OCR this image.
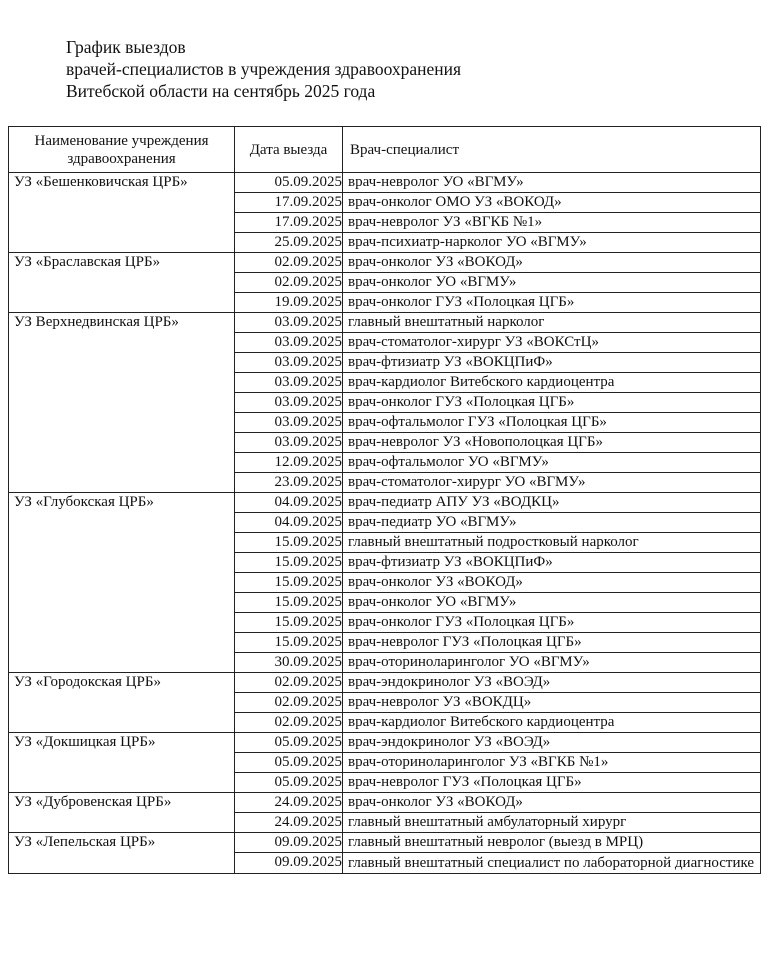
График выездов
врачей-специалистов в учреждения здравоохранения
Витебской области на сентябрь 2025 года
Наименование учреждения здравоохранения	Дата выезда	Врач-специалист
УЗ «Бешенковичская ЦРБ»	05.09.2025	врач-невролог УО «ВГМУ»
	17.09.2025	врач-онколог ОМО УЗ «ВОКОД»
	17.09.2025	врач-невролог УЗ «ВГКБ №1»
	25.09.2025	врач-психиатр-нарколог УО «ВГМУ»
УЗ «Браславская ЦРБ»	02.09.2025	врач-онколог УЗ «ВОКОД»
	02.09.2025	врач-онколог УО «ВГМУ»
	19.09.2025	врач-онколог ГУЗ «Полоцкая ЦГБ»
УЗ Верхнедвинская ЦРБ»	03.09.2025	главный внештатный нарколог
	03.09.2025	врач-стоматолог-хирург УЗ «ВОКСтЦ»
	03.09.2025	врач-фтизиатр УЗ «ВОКЦПиФ»
	03.09.2025	врач-кардиолог Витебского кардиоцентра
	03.09.2025	врач-онколог ГУЗ «Полоцкая ЦГБ»
	03.09.2025	врач-офтальмолог ГУЗ «Полоцкая ЦГБ»
	03.09.2025	врач-невролог УЗ «Новополоцкая ЦГБ»
	12.09.2025	врач-офтальмолог УО «ВГМУ»
	23.09.2025	врач-стоматолог-хирург УО «ВГМУ»
УЗ «Глубокская ЦРБ»	04.09.2025	врач-педиатр АПУ УЗ «ВОДКЦ»
	04.09.2025	врач-педиатр УО «ВГМУ»
	15.09.2025	главный внештатный подростковый нарколог
	15.09.2025	врач-фтизиатр УЗ «ВОКЦПиФ»
	15.09.2025	врач-онколог УЗ «ВОКОД»
	15.09.2025	врач-онколог УО «ВГМУ»
	15.09.2025	врач-онколог ГУЗ «Полоцкая ЦГБ»
	15.09.2025	врач-невролог ГУЗ «Полоцкая ЦГБ»
	30.09.2025	врач-оториноларинголог УО «ВГМУ»
УЗ «Городокская ЦРБ»	02.09.2025	врач-эндокринолог УЗ «ВОЭД»
	02.09.2025	врач-невролог УЗ «ВОКДЦ»
	02.09.2025	врач-кардиолог Витебского кардиоцентра
УЗ «Докшицкая ЦРБ»	05.09.2025	врач-эндокринолог УЗ «ВОЭД»
	05.09.2025	врач-оториноларинголог УЗ «ВГКБ №1»
	05.09.2025	врач-невролог ГУЗ «Полоцкая ЦГБ»
УЗ «Дубровенская ЦРБ»	24.09.2025	врач-онколог УЗ «ВОКОД»
	24.09.2025	главный внештатный амбулаторный хирург
УЗ «Лепельская ЦРБ»	09.09.2025	главный внештатный невролог (выезд в МРЦ)
	09.09.2025	главный внештатный специалист по лабораторной диагностике
